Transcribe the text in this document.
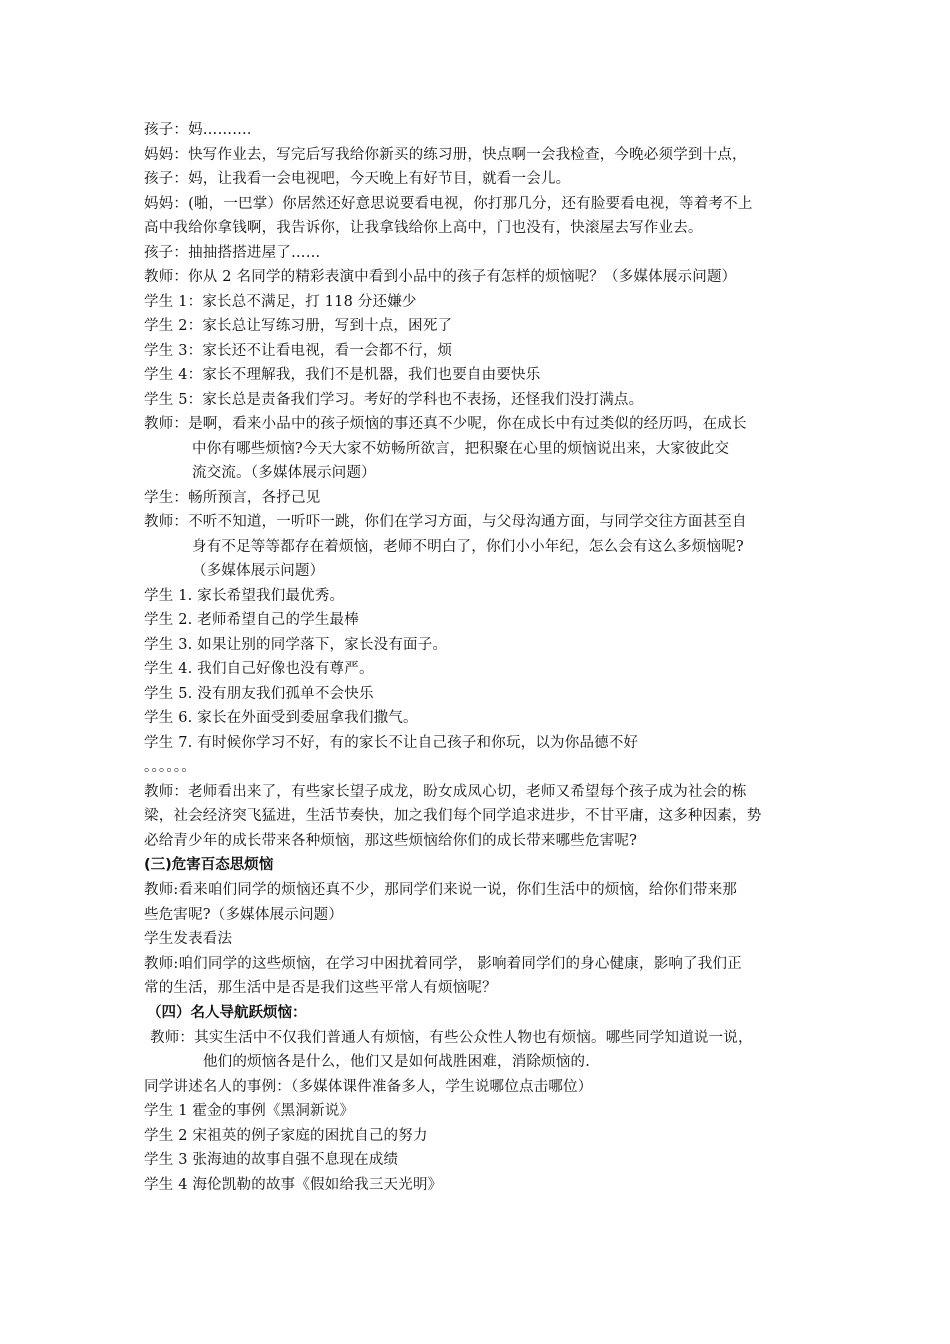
孩子：妈………．
妈妈：快写作业去，写完后写我给你新买的练习册，快点啊一会我检查，今晚必须学到十点，
孩子：妈，让我看一会电视吧，今天晚上有好节目，就看一会儿。
妈妈：(啪，一巴掌）你居然还好意思说要看电视，你打那几分，还有脸要看电视，等着考不上
高中我给你拿钱啊，我告诉你，让我拿钱给你上高中，门也没有，快滚屋去写作业去。
孩子：抽抽搭搭进屋了……
教师：你从 2 名同学的精彩表演中看到小品中的孩子有怎样的烦恼呢？（多媒体展示问题）
学生 1：家长总不满足，打 118 分还嫌少
学生 2：家长总让写练习册，写到十点，困死了
学生 3：家长还不让看电视，看一会都不行，烦
学生 4：家长不理解我，我们不是机器，我们也要自由要快乐
学生 5：家长总是责备我们学习。考好的学科也不表扬，还怪我们没打满点。
教师：是啊，看来小品中的孩子烦恼的事还真不少呢，你在成长中有过类似的经历吗，在成长
中你有哪些烦恼?今天大家不妨畅所欲言，把积聚在心里的烦恼说出来，大家彼此交
流交流。（多媒体展示问题）
学生：畅所预言，各抒己见
教师：不听不知道，一听吓一跳，你们在学习方面，与父母沟通方面，与同学交往方面甚至自
身有不足等等都存在着烦恼，老师不明白了，你们小小年纪，怎么会有这么多烦恼呢?
（多媒体展示问题）
学生 1. 家长希望我们最优秀。
学生 2. 老师希望自己的学生最棒
学生 3. 如果让别的同学落下，家长没有面子。
学生 4. 我们自己好像也没有尊严。
学生 5. 没有朋友我们孤单不会快乐
学生 6. 家长在外面受到委屈拿我们撒气。
学生 7. 有时候你学习不好，有的家长不让自己孩子和你玩，以为你品德不好
。。。。。。
教师：老师看出来了，有些家长望子成龙，盼女成凤心切，老师又希望每个孩子成为社会的栋
梁，社会经济突飞猛进，生活节奏快，加之我们每个同学追求进步，不甘平庸，这多种因素，势
必给青少年的成长带来各种烦恼，那这些烦恼给你们的成长带来哪些危害呢?
(三)危害百态思烦恼
教师:看来咱们同学的烦恼还真不少，那同学们来说一说，你们生活中的烦恼，给你们带来那
些危害呢?（多媒体展示问题）
学生发表看法
教师:咱们同学的这些烦恼，在学习中困扰着同学， 影响着同学们的身心健康，影响了我们正
常的生活，那生活中是否是我们这些平常人有烦恼呢？
（四）名人导航跃烦恼：
教师：其实生活中不仅我们普通人有烦恼，有些公众性人物也有烦恼。哪些同学知道说一说，
他们的烦恼各是什么，他们又是如何战胜困难，消除烦恼的.
同学讲述名人的事例：（多媒体课件准备多人，学生说哪位点击哪位）
学生 1 霍金的事例《黑洞新说》
学生 2 宋祖英的例子家庭的困扰自己的努力
学生 3 张海迪的故事自强不息现在成绩
学生 4 海伦凯勒的故事《假如给我三天光明》
